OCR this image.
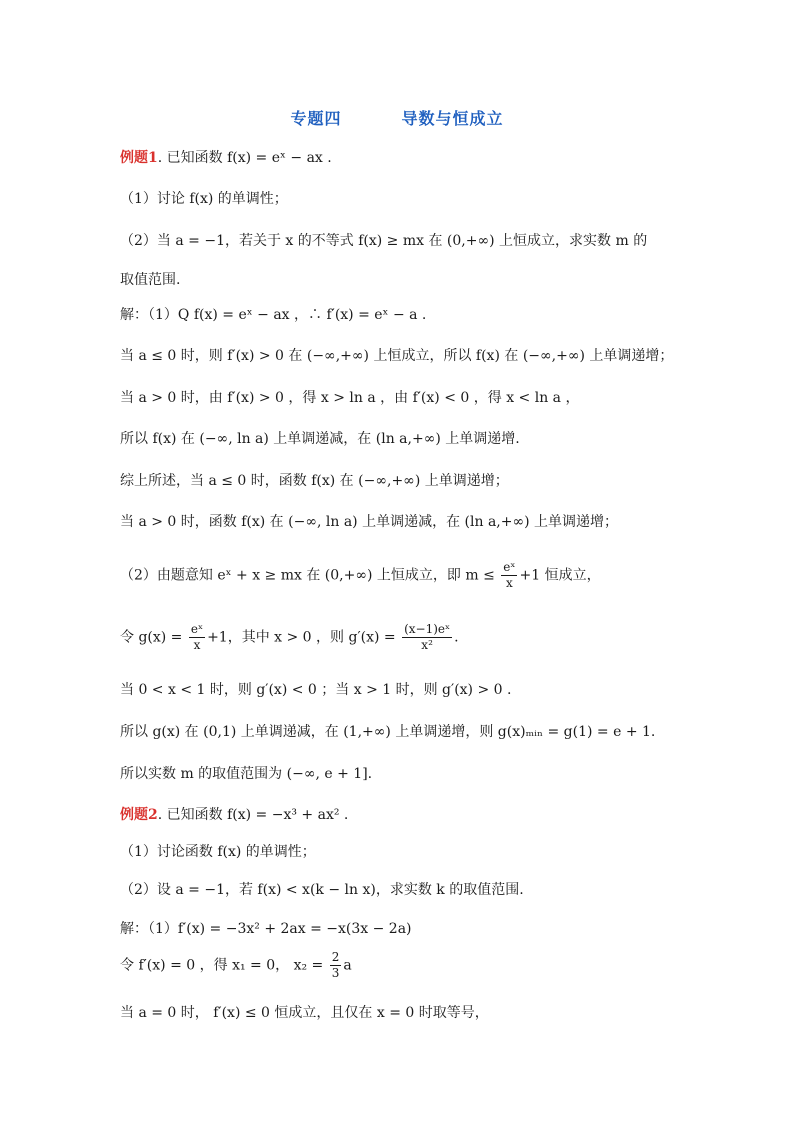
专题四	导数与恒成立
例题1. 已知函数 f(x) = eˣ − ax .
（1）讨论 f(x) 的单调性；
（2）当 a = −1，若关于 x 的不等式 f(x) ≥ mx 在 (0,+∞) 上恒成立，求实数 m 的
取值范围.
解：（1）Q f(x) = eˣ − ax ，∴ f′(x) = eˣ − a .
当 a ≤ 0 时，则 f′(x) > 0 在 (−∞,+∞) 上恒成立，所以 f(x) 在 (−∞,+∞) 上单调递增；
当 a > 0 时，由 f′(x) > 0 ，得 x > ln a ，由 f′(x) < 0 ，得 x < ln a ，
所以 f(x) 在 (−∞, ln a) 上单调递减，在 (ln a,+∞) 上单调递增.
综上所述，当 a ≤ 0 时，函数 f(x) 在 (−∞,+∞) 上单调递增；
当 a > 0 时，函数 f(x) 在 (−∞, ln a) 上单调递减，在 (ln a,+∞) 上单调递增；
（2）由题意知 eˣ + x ≥ mx 在 (0,+∞) 上恒成立，即 $m \le \frac{\text{eˣ}}{x} +1$ 恒成立，
令 $g(x) = \frac{\text{eˣ}}{x} +1$，其中 x > 0 ，则 $g'(x) = \frac{\text{(x−1)eˣ}}{\text{x²}}$ .
当 0 < x < 1 时，则 g′(x) < 0 ；当 x > 1 时，则 g′(x) > 0 .
所以 g(x) 在 (0,1) 上单调递减，在 (1,+∞) 上单调递增，则 g(x)ₘᵢₙ = g(1) = e + 1.
所以实数 m 的取值范围为 (−∞, e + 1].
例题2. 已知函数 f(x) = −x³ + ax² .
（1）讨论函数 f(x) 的单调性；
（2）设 a = −1，若 f(x) < x(k − ln x)，求实数 k 的取值范围.
解：（1）f′(x) = −3x² + 2ax = −x(3x − 2a)
令 f′(x) = 0 ，得 x₁ = 0， $x_2 = \frac{2}{3}$ a
当 a = 0 时， f′(x) ≤ 0 恒成立，且仅在 x = 0 时取等号，
